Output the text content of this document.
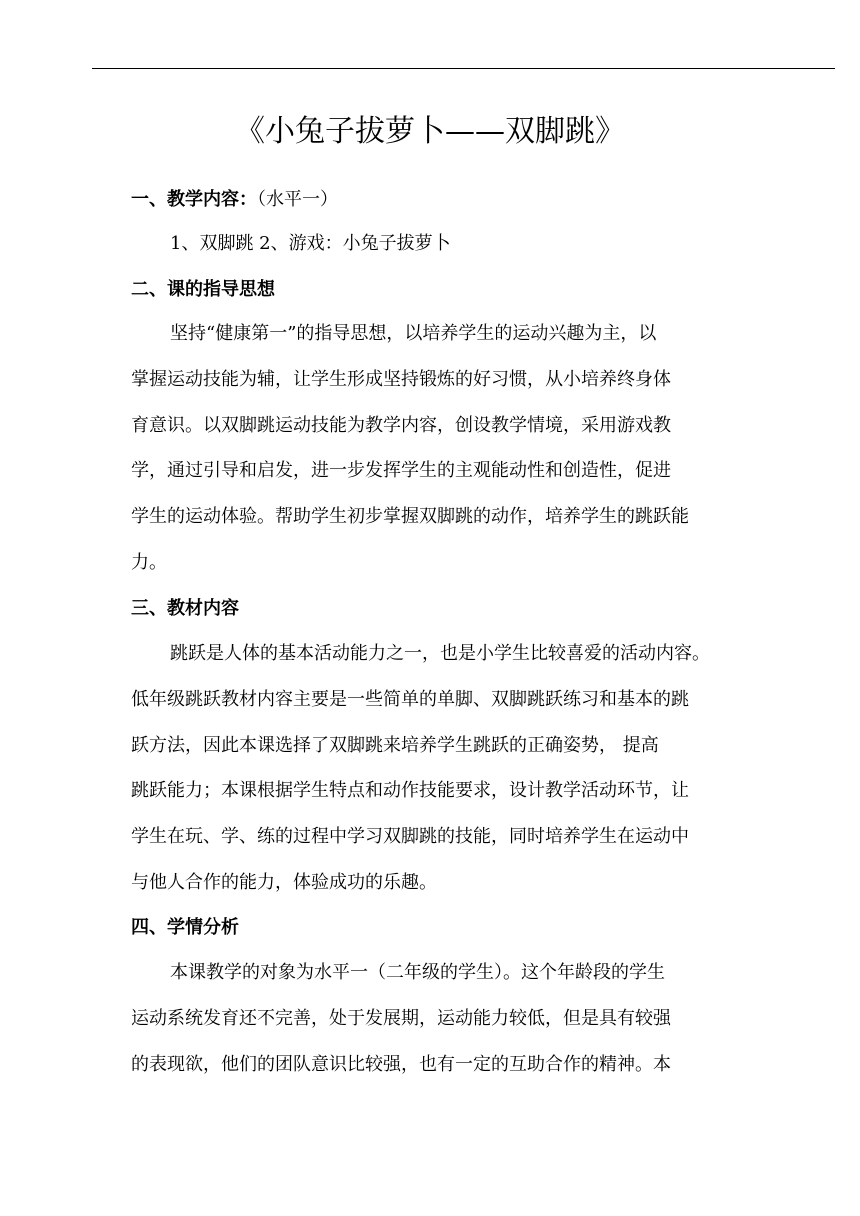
《小兔子拔萝卜——双脚跳》
一、教学内容：（水平一）
1、双脚跳 2、游戏：小兔子拔萝卜
二、课的指导思想
坚持“健康第一”的指导思想，以培养学生的运动兴趣为主，以
掌握运动技能为辅，让学生形成坚持锻炼的好习惯，从小培养终身体
育意识。以双脚跳运动技能为教学内容，创设教学情境，采用游戏教
学，通过引导和启发，进一步发挥学生的主观能动性和创造性，促进
学生的运动体验。帮助学生初步掌握双脚跳的动作，培养学生的跳跃能
力。
三、教材内容
跳跃是人体的基本活动能力之一，也是小学生比较喜爱的活动内容。
低年级跳跃教材内容主要是一些简单的单脚、双脚跳跃练习和基本的跳
跃方法，因此本课选择了双脚跳来培养学生跳跃的正确姿势， 提高
跳跃能力；本课根据学生特点和动作技能要求，设计教学活动环节，让
学生在玩、学、练的过程中学习双脚跳的技能，同时培养学生在运动中
与他人合作的能力，体验成功的乐趣。
四、学情分析
本课教学的对象为水平一（二年级的学生）。这个年龄段的学生
运动系统发育还不完善，处于发展期，运动能力较低，但是具有较强
的表现欲，他们的团队意识比较强，也有一定的互助合作的精神。本
